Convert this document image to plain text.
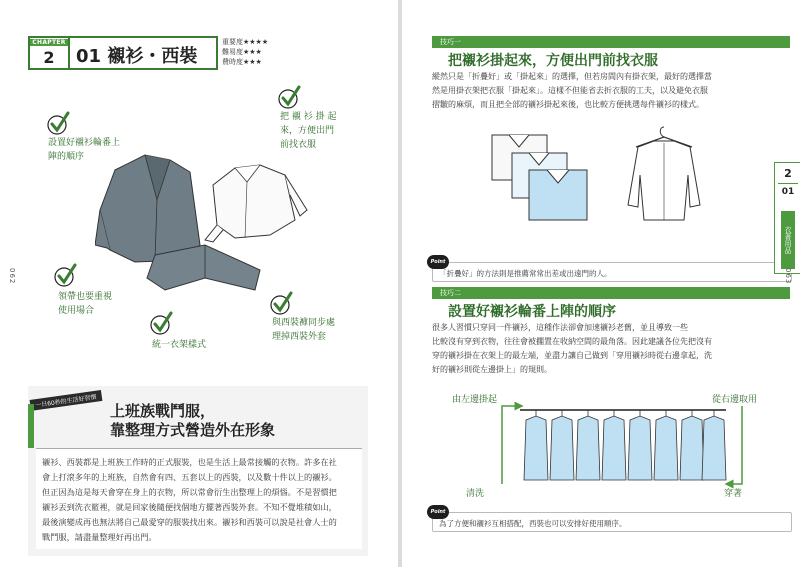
CHAPTER
2	01 襯衫・西裝
重要度★★★★
難易度★★★
費時度★★★
設置好襯衫輪番上
陣的順序
把 襯 衫 掛 起
來，方便出門
前找衣服
領帶也要重視
使用場合
統一衣架樣式
與西裝褲同步處
理掉西裝外套
062
一日60秒的生活好習慣
上班族戰鬥服，
靠整理方式營造外在形象
襯衫、西裝都是上班族工作時的正式服裝，也是生活上最常接觸的衣物。許多在社
會上打滾多年的上班族，自然會有四、五套以上的西裝，以及數十件以上的襯衫。
但正因為這是每天會穿在身上的衣物，所以常會衍生出整理上的煩惱。不是習慣把
襯衫丟到洗衣籃裡，就是回家後隨便找個地方擺著西裝外套。不知不覺堆積如山，
最後演變成再也無法將自己最愛穿的服裝找出來。襯衫和西裝可以說是社會人士的
戰鬥服，請盡量整理好再出門。
技巧一
把襯衫掛起來，方便出門前找衣服
縱然只是「折疊好」或「掛起來」的選擇，但若房間內有掛衣架，最好的選擇當
然是用掛衣架把衣服「掛起來」。這樣不但能省去折衣服的工夫，以及避免衣服
摺皺的麻煩，而且把全部的襯衫掛起來後，也比較方便挑選每件襯衫的樣式。
Point
「折疊好」的方法則是推薦常常出差或出遠門的人。
技巧二
設置好襯衫輪番上陣的順序
很多人習慣只穿同一件襯衫，這種作法卻會加速襯衫老舊，並且導致一些
比較沒有穿到衣物，往往會被擱置在收納空間的最角落。因此建議各位先把沒有
穿的襯衫掛在衣架上的最左端，並盡力讓自己做到「穿用襯衫時從右邊拿起，洗
好的襯衫則從左邊掛上」的規則。
由左邊掛起	從右邊取用
清洗	穿著
Point
為了方便和襯衫互相搭配，西裝也可以安排好使用順序。
2
01
衣著用品
063
